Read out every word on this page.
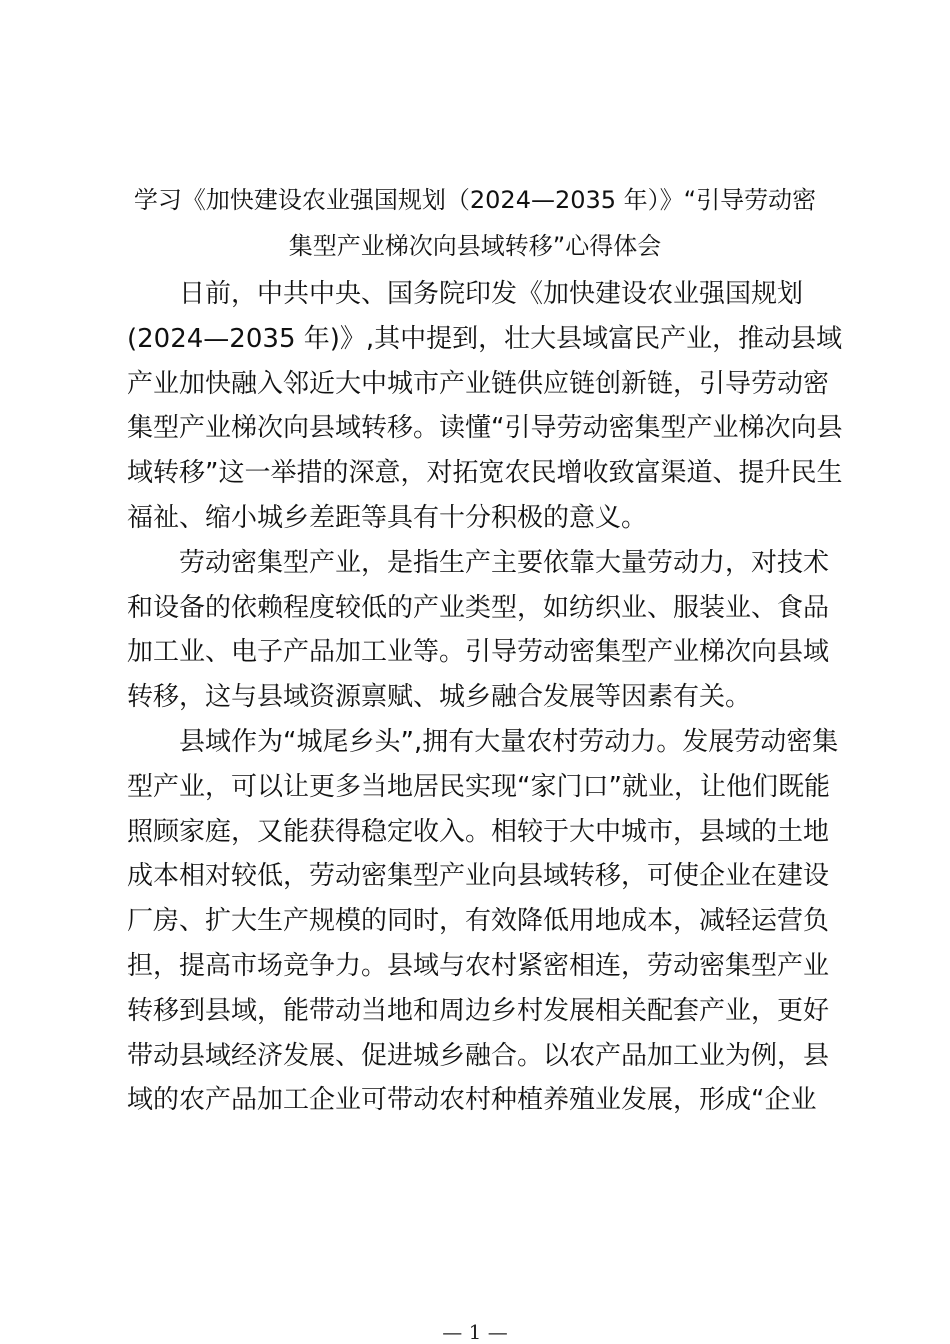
学习《加快建设农业强国规划（2024—2035 年）》“引导劳动密
集型产业梯次向县域转移”心得体会
　　日前，中共中央、国务院印发《加快建设农业强国规划
(2024—2035 年)》,其中提到，壮大县域富民产业，推动县域
产业加快融入邻近大中城市产业链供应链创新链，引导劳动密
集型产业梯次向县域转移。读懂“引导劳动密集型产业梯次向县
域转移”这一举措的深意，对拓宽农民增收致富渠道、提升民生
福祉、缩小城乡差距等具有十分积极的意义。
　　劳动密集型产业，是指生产主要依靠大量劳动力，对技术
和设备的依赖程度较低的产业类型，如纺织业、服装业、食品
加工业、电子产品加工业等。引导劳动密集型产业梯次向县域
转移，这与县域资源禀赋、城乡融合发展等因素有关。
　　县域作为“城尾乡头”,拥有大量农村劳动力。发展劳动密集
型产业，可以让更多当地居民实现“家门口”就业，让他们既能
照顾家庭，又能获得稳定收入。相较于大中城市，县域的土地
成本相对较低，劳动密集型产业向县域转移，可使企业在建设
厂房、扩大生产规模的同时，有效降低用地成本，减轻运营负
担，提高市场竞争力。县域与农村紧密相连，劳动密集型产业
转移到县域，能带动当地和周边乡村发展相关配套产业，更好
带动县域经济发展、促进城乡融合。以农产品加工业为例，县
域的农产品加工企业可带动农村种植养殖业发展，形成“企业
— 1 —
